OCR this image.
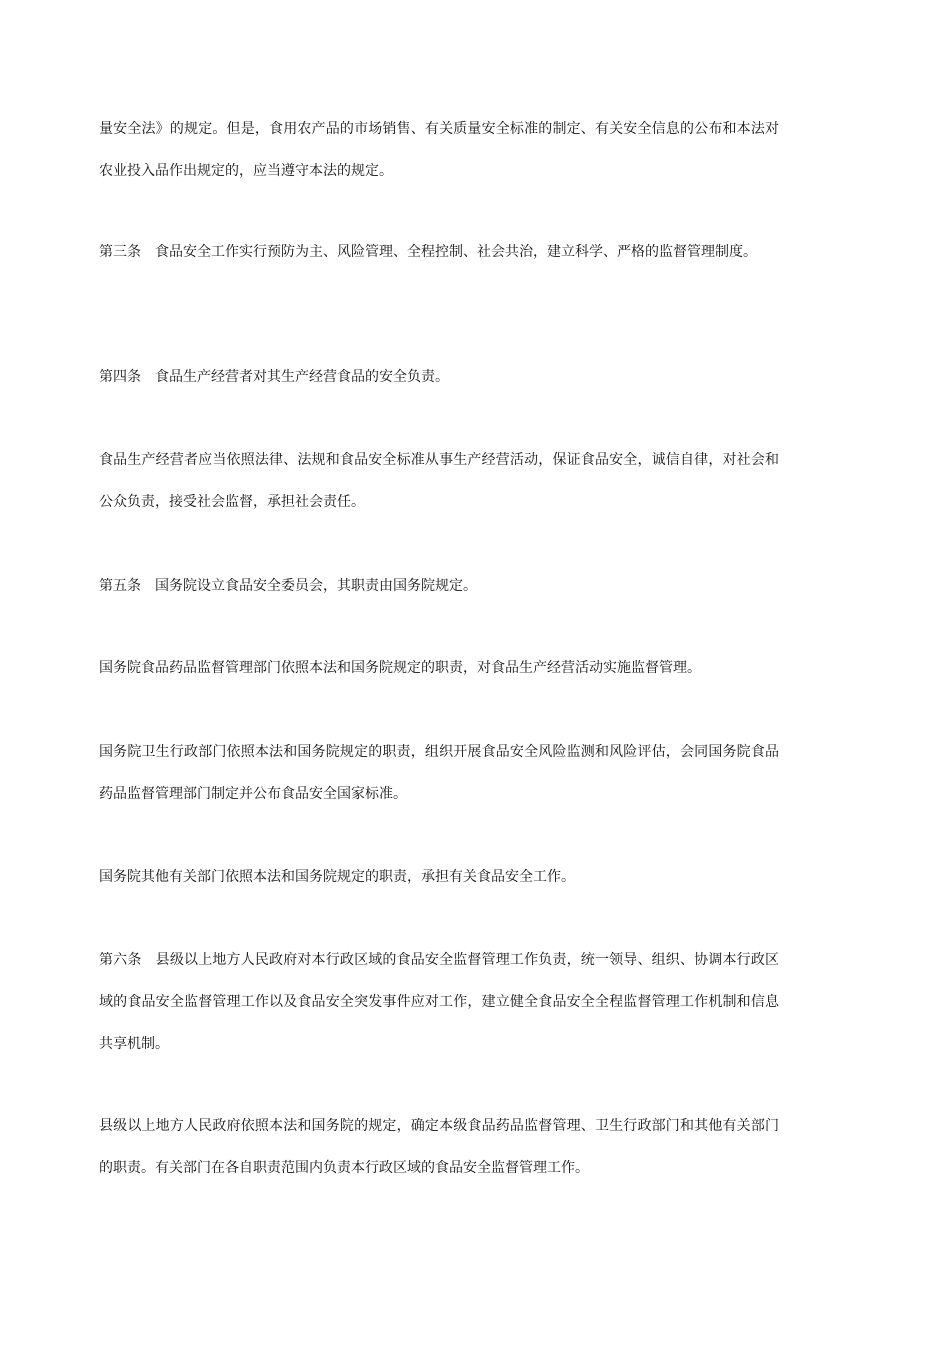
量安全法》的规定。但是，食用农产品的市场销售、有关质量安全标准的制定、有关安全信息的公布和本法对农业投入品作出规定的，应当遵守本法的规定。

第三条　食品安全工作实行预防为主、风险管理、全程控制、社会共治，建立科学、严格的监督管理制度。

第四条　食品生产经营者对其生产经营食品的安全负责。

食品生产经营者应当依照法律、法规和食品安全标准从事生产经营活动，保证食品安全，诚信自律，对社会和公众负责，接受社会监督，承担社会责任。

第五条　国务院设立食品安全委员会，其职责由国务院规定。

国务院食品药品监督管理部门依照本法和国务院规定的职责，对食品生产经营活动实施监督管理。

国务院卫生行政部门依照本法和国务院规定的职责，组织开展食品安全风险监测和风险评估，会同国务院食品药品监督管理部门制定并公布食品安全国家标准。

国务院其他有关部门依照本法和国务院规定的职责，承担有关食品安全工作。

第六条　县级以上地方人民政府对本行政区域的食品安全监督管理工作负责，统一领导、组织、协调本行政区域的食品安全监督管理工作以及食品安全突发事件应对工作，建立健全食品安全全程监督管理工作机制和信息共享机制。

县级以上地方人民政府依照本法和国务院的规定，确定本级食品药品监督管理、卫生行政部门和其他有关部门的职责。有关部门在各自职责范围内负责本行政区域的食品安全监督管理工作。
